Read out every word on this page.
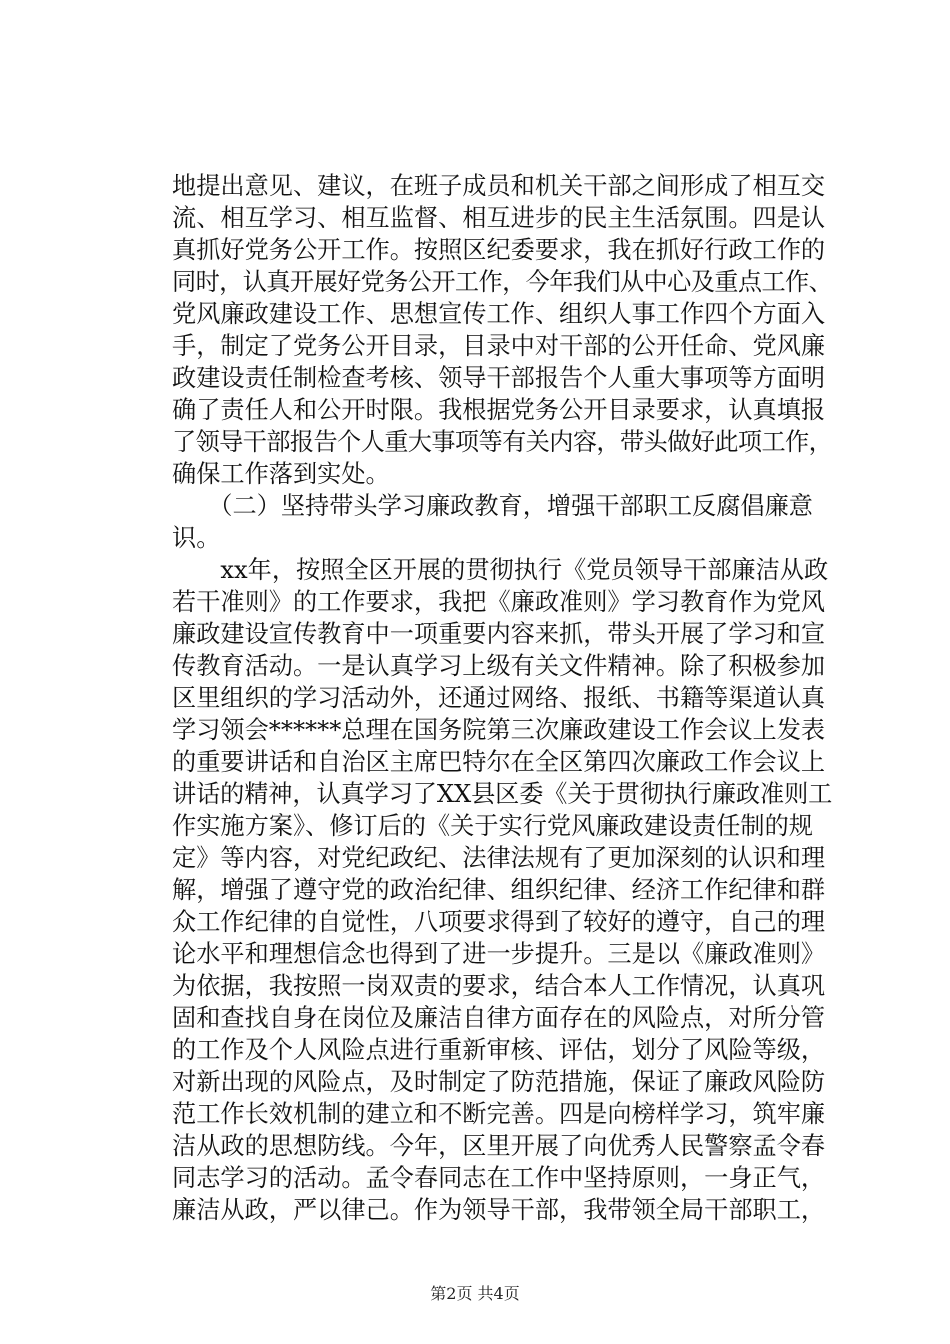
地提出意见、建议，在班子成员和机关干部之间形成了相互交
流、相互学习、相互监督、相互进步的民主生活氛围。四是认
真抓好党务公开工作。按照区纪委要求，我在抓好行政工作的
同时，认真开展好党务公开工作，今年我们从中心及重点工作、
党风廉政建设工作、思想宣传工作、组织人事工作四个方面入
手，制定了党务公开目录，目录中对干部的公开任命、党风廉
政建设责任制检查考核、领导干部报告个人重大事项等方面明
确了责任人和公开时限。我根据党务公开目录要求，认真填报
了领导干部报告个人重大事项等有关内容，带头做好此项工作，
确保工作落到实处。
　　（二）坚持带头学习廉政教育，增强干部职工反腐倡廉意
识。
　　xx年，按照全区开展的贯彻执行《党员领导干部廉洁从政
若干准则》的工作要求，我把《廉政准则》学习教育作为党风
廉政建设宣传教育中一项重要内容来抓，带头开展了学习和宣
传教育活动。一是认真学习上级有关文件精神。除了积极参加
区里组织的学习活动外，还通过网络、报纸、书籍等渠道认真
学习领会******总理在国务院第三次廉政建设工作会议上发表
的重要讲话和自治区主席巴特尔在全区第四次廉政工作会议上
讲话的精神，认真学习了XX县区委《关于贯彻执行廉政准则工
作实施方案》、修订后的《关于实行党风廉政建设责任制的规
定》等内容，对党纪政纪、法律法规有了更加深刻的认识和理
解，增强了遵守党的政治纪律、组织纪律、经济工作纪律和群
众工作纪律的自觉性，八项要求得到了较好的遵守，自己的理
论水平和理想信念也得到了进一步提升。三是以《廉政准则》
为依据，我按照一岗双责的要求，结合本人工作情况，认真巩
固和查找自身在岗位及廉洁自律方面存在的风险点，对所分管
的工作及个人风险点进行重新审核、评估，划分了风险等级，
对新出现的风险点，及时制定了防范措施，保证了廉政风险防
范工作长效机制的建立和不断完善。四是向榜样学习，筑牢廉
洁从政的思想防线。今年，区里开展了向优秀人民警察孟令春
同志学习的活动。孟令春同志在工作中坚持原则，一身正气，
廉洁从政，严以律己。作为领导干部，我带领全局干部职工，
第2页 共4页
